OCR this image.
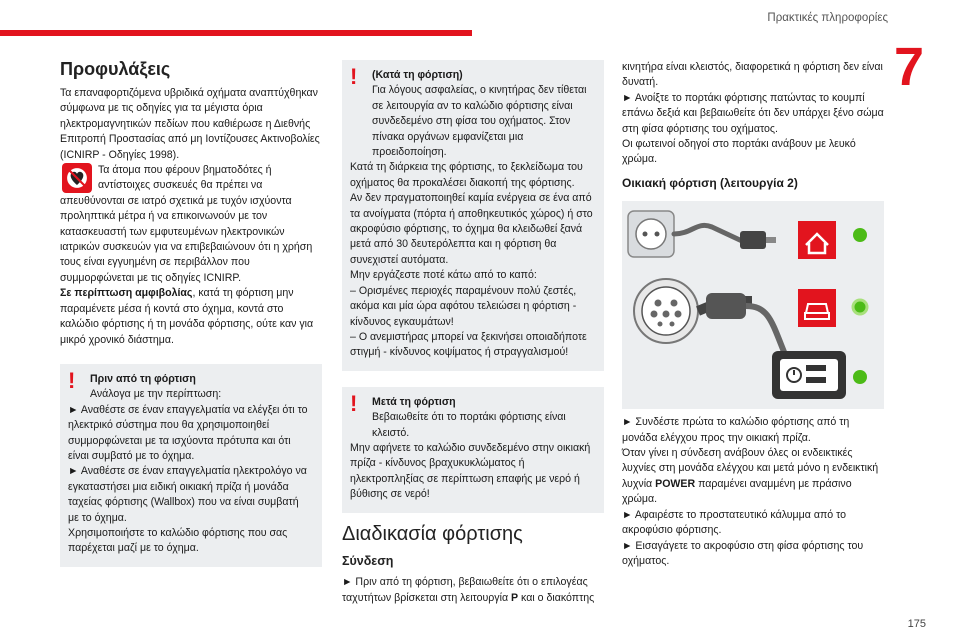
Πρακτικές πληροφορίες
7
175
Προφυλάξεις

Τα επαναφορτιζόμενα υβριδικά οχήματα αναπτύχθηκαν σύμφωνα με τις οδηγίες για τα μέγιστα όρια ηλεκτρομαγνητικών πεδίων που καθιέρωσε η Διεθνής Επιτροπή Προστασίας από μη Ιοντίζουσες Ακτινοβολίες (ICNIRP - Οδηγίες 1998).

Τα άτομα που φέρουν βηματοδότες ή αντίστοιχες συσκευές θα πρέπει να

απευθύνονται σε ιατρό σχετικά με τυχόν ισχύοντα προληπτικά μέτρα ή να επικοινωνούν με τον κατασκευαστή των εμφυτευμένων ηλεκτρονικών ιατρικών συσκευών για να επιβεβαιώνουν ότι η χρήση τους είναι εγγυημένη σε περιβάλλον που συμμορφώνεται με τις οδηγίες ICNIRP.

Σε περίπτωση αμφιβολίας, κατά τη φόρτιση μην παραμένετε μέσα ή κοντά στο όχημα, κοντά στο καλώδιο φόρτισης ή τη μονάδα φόρτισης, ούτε καν για μικρό χρονικό διάστημα.

!	Πριν από τη φόρτιση

Ανάλογα με την περίπτωση:

► Αναθέστε σε έναν επαγγελματία να ελέγξει ότι το ηλεκτρικό σύστημα που θα χρησιμοποιηθεί συμμορφώνεται με τα ισχύοντα πρότυπα και ότι είναι συμβατό με το όχημα.

► Αναθέστε σε έναν επαγγελματία ηλεκτρολόγο να εγκαταστήσει μια ειδική οικιακή πρίζα ή μονάδα ταχείας φόρτισης (Wallbox) που να είναι συμβατή με το όχημα.

Χρησιμοποιήστε το καλώδιο φόρτισης που σας παρέχεται μαζί με το όχημα.

!	(Κατά τη φόρτιση)

Για λόγους ασφαλείας, ο κινητήρας δεν τίθεται σε λειτουργία αν το καλώδιο φόρτισης είναι συνδεδεμένο στη φίσα του οχήματος. Στον πίνακα οργάνων εμφανίζεται μια προειδοποίηση.

Κατά τη διάρκεια της φόρτισης, το ξεκλείδωμα του οχήματος θα προκαλέσει διακοπή της φόρτισης.

Αν δεν πραγματοποιηθεί καμία ενέργεια σε ένα από τα ανοίγματα (πόρτα ή αποθηκευτικός χώρος) ή στο ακροφύσιο φόρτισης, το όχημα θα κλειδωθεί ξανά μετά από 30 δευτερόλεπτα και η φόρτιση θα συνεχιστεί αυτόματα.

Μην εργάζεστε ποτέ κάτω από το καπό:

– Ορισμένες περιοχές παραμένουν πολύ ζεστές, ακόμα και μία ώρα αφότου τελειώσει η φόρτιση - κίνδυνος εγκαυμάτων!

– Ο ανεμιστήρας μπορεί να ξεκινήσει οποιαδήποτε στιγμή - κίνδυνος κοψίματος ή στραγγαλισμού!

!	Μετά τη φόρτιση

Βεβαιωθείτε ότι το πορτάκι φόρτισης είναι κλειστό.

Μην αφήνετε το καλώδιο συνδεδεμένο στην οικιακή πρίζα - κίνδυνος βραχυκυκλώματος ή ηλεκτροπληξίας σε περίπτωση επαφής με νερό ή βύθισης σε νερό!

Διαδικασία φόρτισης
Σύνδεση

► Πριν από τη φόρτιση, βεβαιωθείτε ότι ο επιλογέας ταχυτήτων βρίσκεται στη λειτουργία P και ο διακόπτης

κινητήρα είναι κλειστός, διαφορετικά η φόρτιση δεν είναι δυνατή.

► Ανοίξτε το πορτάκι φόρτισης πατώντας το κουμπί επάνω δεξιά και βεβαιωθείτε ότι δεν υπάρχει ξένο σώμα στη φίσα φόρτισης του οχήματος.

Οι φωτεινοί οδηγοί στο πορτάκι ανάβουν με λευκό χρώμα.

Οικιακή φόρτιση (λειτουργία 2)

► Συνδέστε πρώτα το καλώδιο φόρτισης από τη μονάδα ελέγχου προς την οικιακή πρίζα.

Όταν γίνει η σύνδεση ανάβουν όλες οι ενδεικτικές λυχνίες στη μονάδα ελέγχου και μετά μόνο η ενδεικτική λυχνία POWER παραμένει αναμμένη με πράσινο χρώμα.

► Αφαιρέστε το προστατευτικό κάλυμμα από το ακροφύσιο φόρτισης.

► Εισαγάγετε το ακροφύσιο στη φίσα φόρτισης του οχήματος.
